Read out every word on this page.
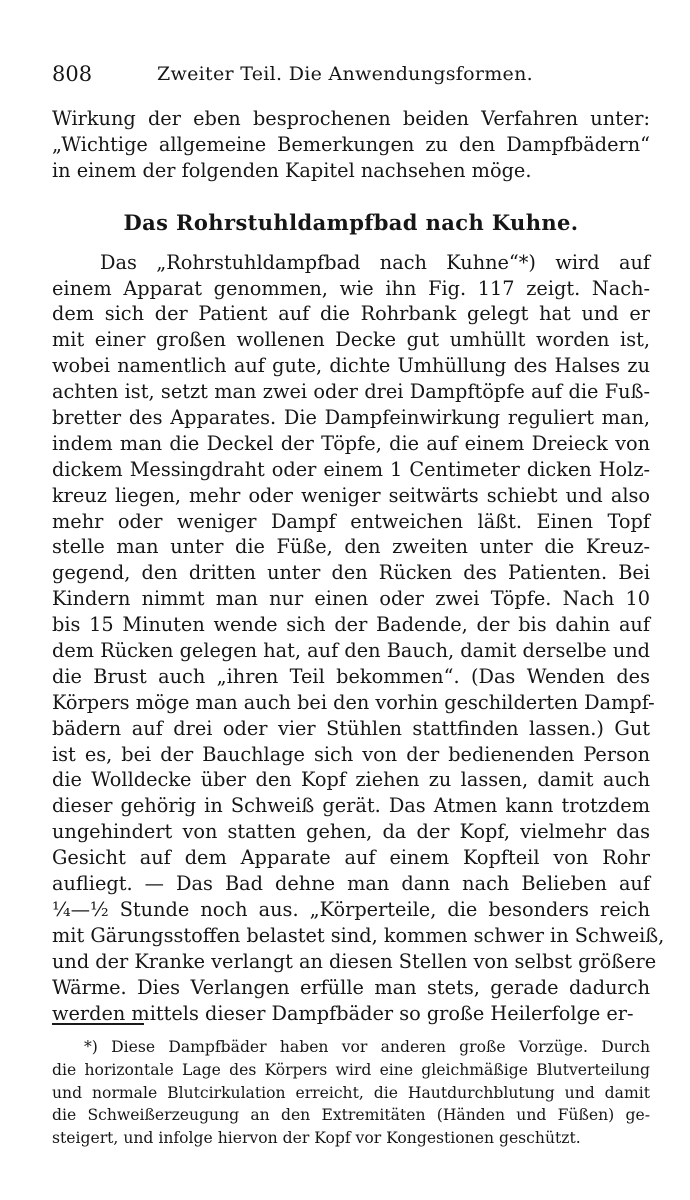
808	Zweiter Teil. Die Anwendungsformen.
Wirkung der eben besprochenen beiden Verfahren unter:
„Wichtige allgemeine Bemerkungen zu den Dampfbädern“
in einem der folgenden Kapitel nachsehen möge.
Das Rohrstuhldampfbad nach Kuhne.
Das „Rohrstuhldampfbad nach Kuhne“*) wird auf
einem Apparat genommen, wie ihn Fig. 117 zeigt. Nach-
dem sich der Patient auf die Rohrbank gelegt hat und er
mit einer großen wollenen Decke gut umhüllt worden ist,
wobei namentlich auf gute, dichte Umhüllung des Halses zu
achten ist, setzt man zwei oder drei Dampftöpfe auf die Fuß-
bretter des Apparates. Die Dampfeinwirkung reguliert man,
indem man die Deckel der Töpfe, die auf einem Dreieck von
dickem Messingdraht oder einem 1 Centimeter dicken Holz-
kreuz liegen, mehr oder weniger seitwärts schiebt und also
mehr oder weniger Dampf entweichen läßt. Einen Topf
stelle man unter die Füße, den zweiten unter die Kreuz-
gegend, den dritten unter den Rücken des Patienten. Bei
Kindern nimmt man nur einen oder zwei Töpfe. Nach 10
bis 15 Minuten wende sich der Badende, der bis dahin auf
dem Rücken gelegen hat, auf den Bauch, damit derselbe und
die Brust auch „ihren Teil bekommen“. (Das Wenden des
Körpers möge man auch bei den vorhin geschilderten Dampf-
bädern auf drei oder vier Stühlen stattfinden lassen.) Gut
ist es, bei der Bauchlage sich von der bedienenden Person
die Wolldecke über den Kopf ziehen zu lassen, damit auch
dieser gehörig in Schweiß gerät. Das Atmen kann trotzdem
ungehindert von statten gehen, da der Kopf, vielmehr das
Gesicht auf dem Apparate auf einem Kopfteil von Rohr
aufliegt. — Das Bad dehne man dann nach Belieben auf
¼—½ Stunde noch aus. „Körperteile, die besonders reich
mit Gärungsstoffen belastet sind, kommen schwer in Schweiß,
und der Kranke verlangt an diesen Stellen von selbst größere
Wärme. Dies Verlangen erfülle man stets, gerade dadurch
werden mittels dieser Dampfbäder so große Heilerfolge er-
*) Diese Dampfbäder haben vor anderen große Vorzüge. Durch
die horizontale Lage des Körpers wird eine gleichmäßige Blutverteilung
und normale Blutcirkulation erreicht, die Hautdurchblutung und damit
die Schweißerzeugung an den Extremitäten (Händen und Füßen) ge-
steigert, und infolge hiervon der Kopf vor Kongestionen geschützt.
